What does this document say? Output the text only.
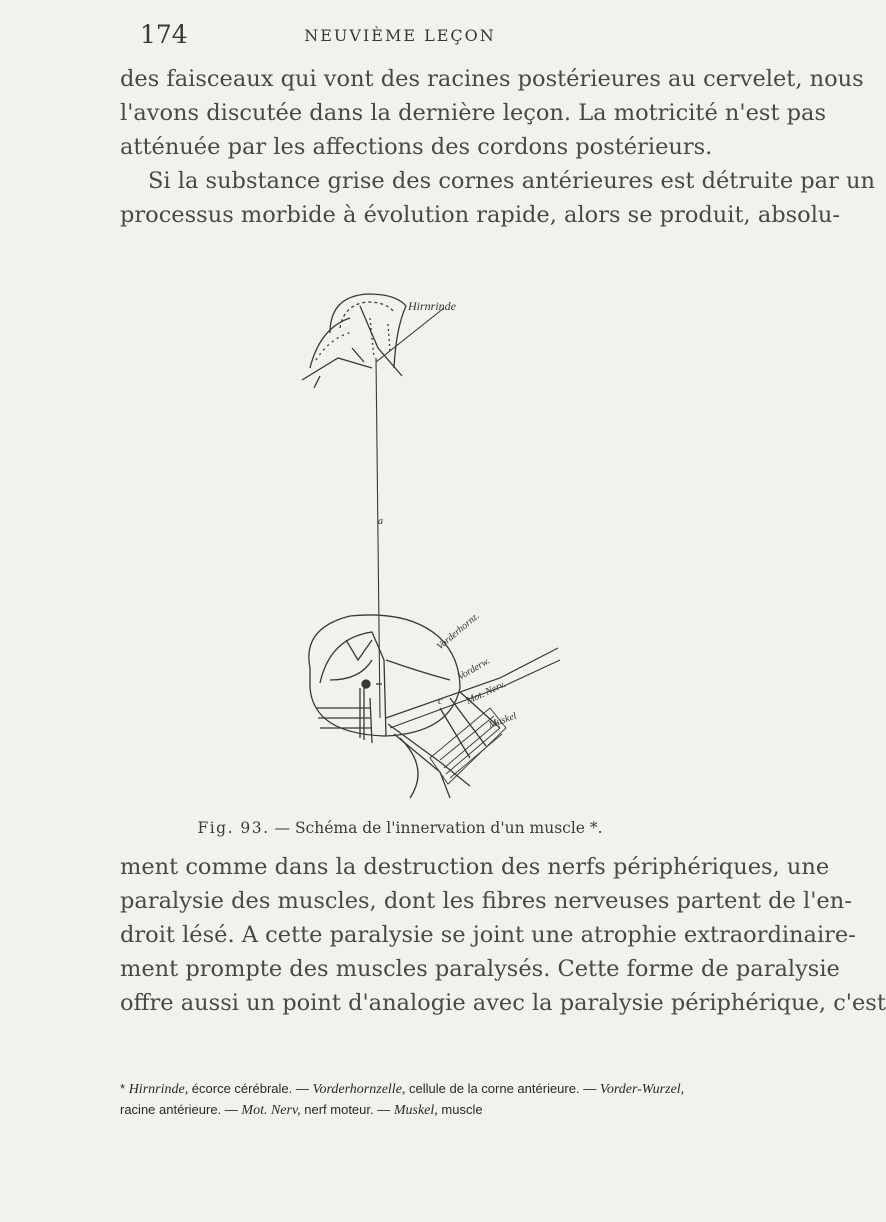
174	NEUVIÈME LEÇON
des faisceaux qui vont des racines postérieures au cervelet, nous
l'avons discutée dans la dernière leçon. La motricité n'est pas
atténuée par les affections des cordons postérieurs.
Si la substance grise des cornes antérieures est détruite par un
processus morbide à évolution rapide, alors se produit, absolu-
Hirnrinde
a
Vorderhornz.
Vorderw.
Mot. Nerv.
Muskel
c
Fig. 93. — Schéma de l'innervation d'un muscle *.
ment comme dans la destruction des nerfs périphériques, une
paralysie des muscles, dont les fibres nerveuses partent de l'en-
droit lésé. A cette paralysie se joint une atrophie extraordinaire-
ment prompte des muscles paralysés. Cette forme de paralysie
offre aussi un point d'analogie avec la paralysie périphérique, c'est

* Hirnrinde, écorce cérébrale. — Vorderhornzelle, cellule de la corne antérieure. — Vorder-Wurzel, racine antérieure. — Mot. Nerv, nerf moteur. — Muskel, muscle
